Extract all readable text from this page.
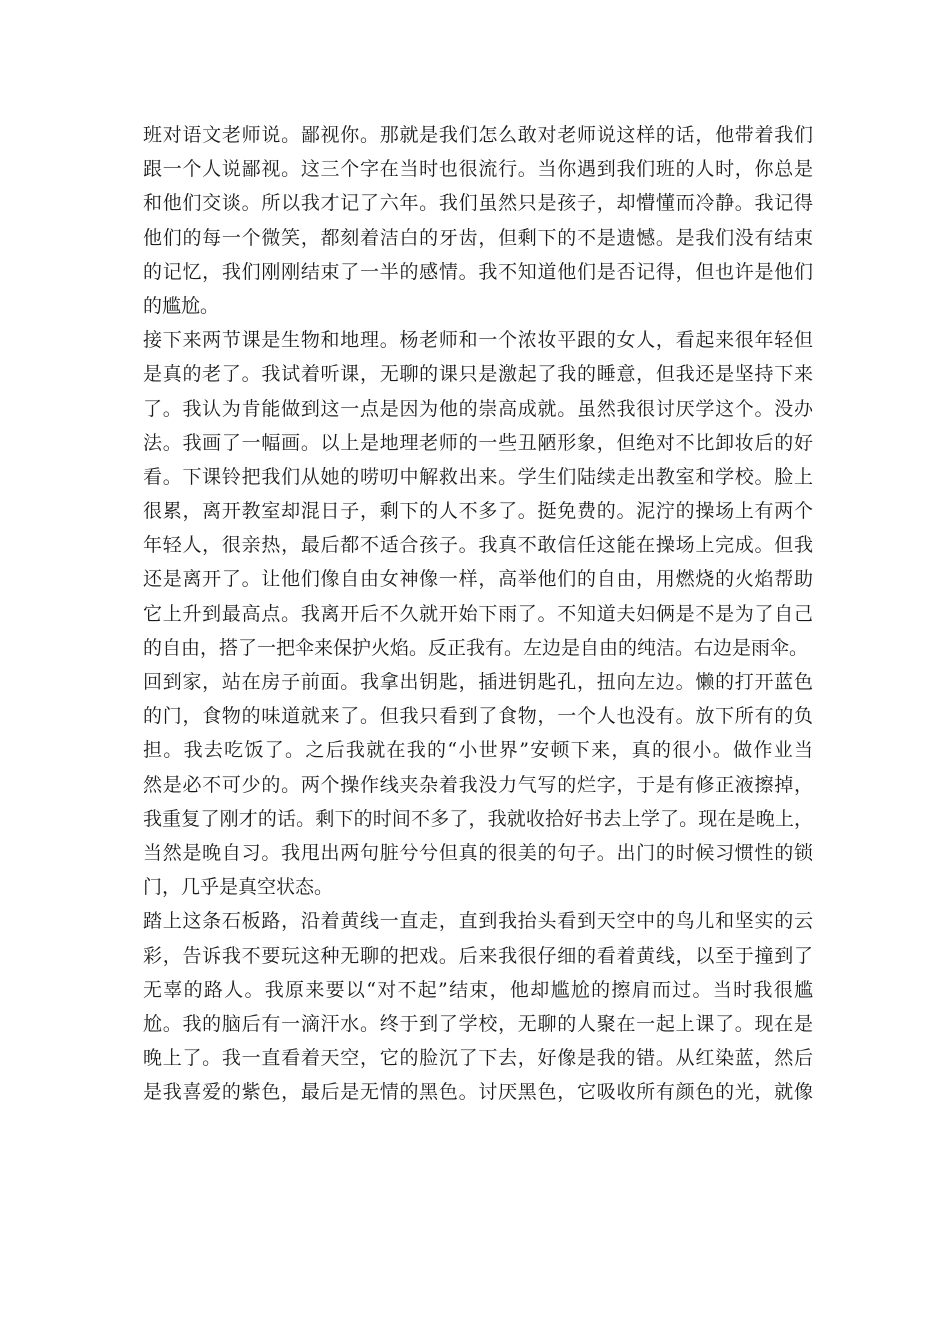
班对语文老师说。鄙视你。那就是我们怎么敢对老师说这样的话，他带着我们
跟一个人说鄙视。这三个字在当时也很流行。当你遇到我们班的人时，你总是
和他们交谈。所以我才记了六年。我们虽然只是孩子，却懵懂而冷静。我记得
他们的每一个微笑，都刻着洁白的牙齿，但剩下的不是遗憾。是我们没有结束
的记忆，我们刚刚结束了一半的感情。我不知道他们是否记得，但也许是他们
的尴尬。
接下来两节课是生物和地理。杨老师和一个浓妆平跟的女人，看起来很年轻但
是真的老了。我试着听课，无聊的课只是激起了我的睡意，但我还是坚持下来
了。我认为肯能做到这一点是因为他的崇高成就。虽然我很讨厌学这个。没办
法。我画了一幅画。以上是地理老师的一些丑陋形象，但绝对不比卸妆后的好
看。下课铃把我们从她的唠叨中解救出来。学生们陆续走出教室和学校。脸上
很累，离开教室却混日子，剩下的人不多了。挺免费的。泥泞的操场上有两个
年轻人，很亲热，最后都不适合孩子。我真不敢信任这能在操场上完成。但我
还是离开了。让他们像自由女神像一样，高举他们的自由，用燃烧的火焰帮助
它上升到最高点。我离开后不久就开始下雨了。不知道夫妇俩是不是为了自己
的自由，搭了一把伞来保护火焰。反正我有。左边是自由的纯洁。右边是雨伞。
回到家，站在房子前面。我拿出钥匙，插进钥匙孔，扭向左边。懒的打开蓝色
的门，食物的味道就来了。但我只看到了食物，一个人也没有。放下所有的负
担。我去吃饭了。之后我就在我的“小世界”安顿下来，真的很小。做作业当
然是必不可少的。两个操作线夹杂着我没力气写的烂字，于是有修正液擦掉，
我重复了刚才的话。剩下的时间不多了，我就收拾好书去上学了。现在是晚上，
当然是晚自习。我甩出两句脏兮兮但真的很美的句子。出门的时候习惯性的锁
门，几乎是真空状态。
踏上这条石板路，沿着黄线一直走，直到我抬头看到天空中的鸟儿和坚实的云
彩，告诉我不要玩这种无聊的把戏。后来我很仔细的看着黄线，以至于撞到了
无辜的路人。我原来要以“对不起”结束，他却尴尬的擦肩而过。当时我很尴
尬。我的脑后有一滴汗水。终于到了学校，无聊的人聚在一起上课了。现在是
晚上了。我一直看着天空，它的脸沉了下去，好像是我的错。从红染蓝，然后
是我喜爱的紫色，最后是无情的黑色。讨厌黑色，它吸收所有颜色的光，就像
